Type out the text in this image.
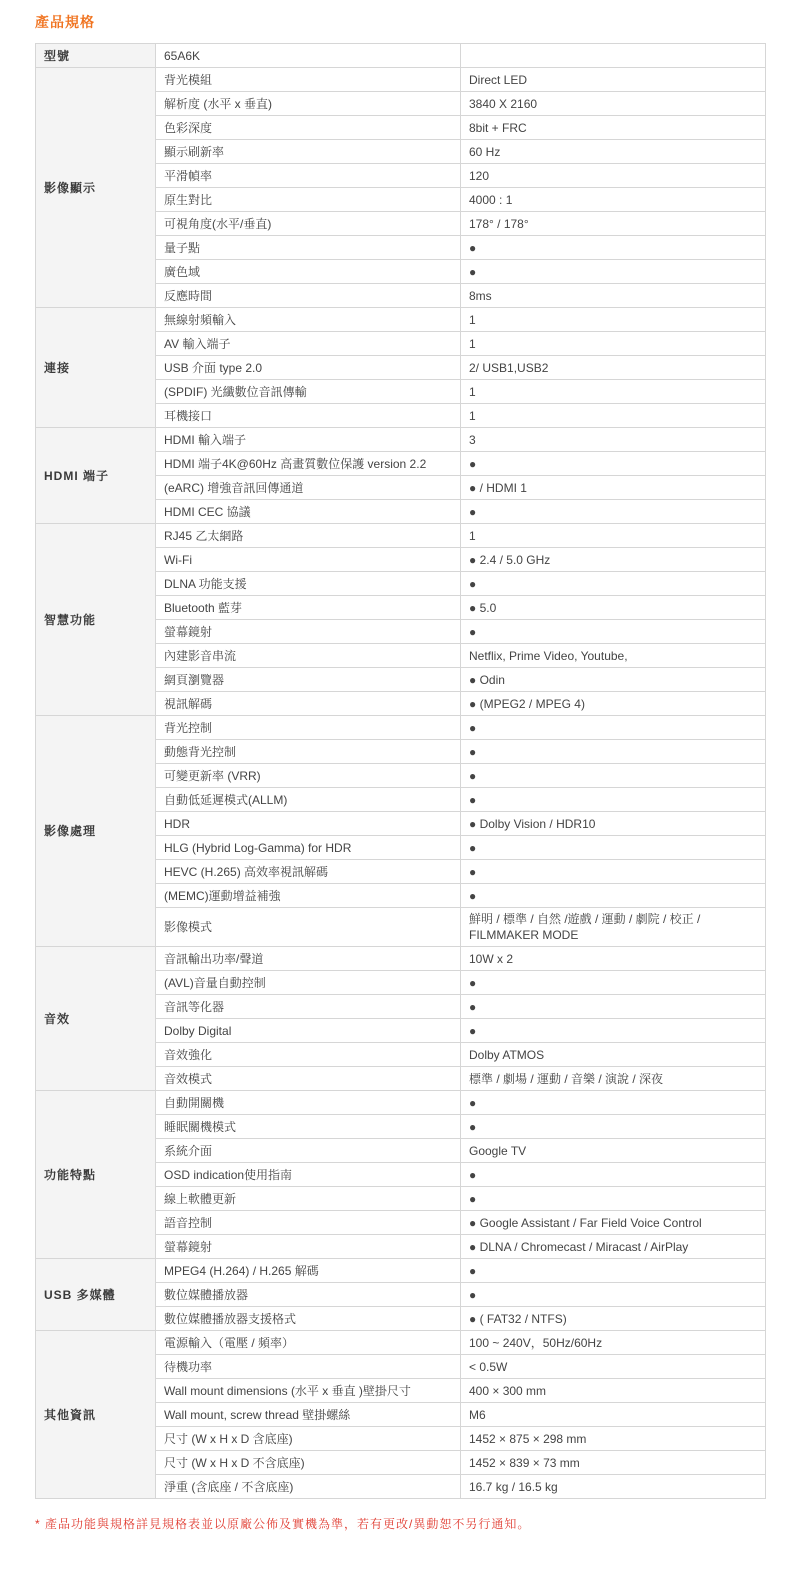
產品規格
型號	65A6K	
影像顯示	背光模組	Direct LED
	解析度 (水平 x 垂直)	3840 X 2160
	色彩深度	8bit + FRC
	顯示刷新率	60 Hz
	平滑幀率	120
	原生對比	4000 : 1
	可視角度(水平/垂直)	178° / 178°
	量子點	●
	廣色域	●
	反應時間	8ms
連接	無線射頻輸入	1
	AV 輸入端子	1
	USB 介面 type 2.0	2/ USB1,USB2
	(SPDIF) 光纖數位音訊傳輸	1
	耳機接口	1
HDMI 端子	HDMI 輸入端子	3
	HDMI 端子4K@60Hz 高畫質數位保護 version 2.2	●
	(eARC) 增強音訊回傳通道	● / HDMI 1
	HDMI CEC 協議	●
智慧功能	RJ45 乙太網路	1
	Wi-Fi	● 2.4 / 5.0 GHz
	DLNA 功能支援	●
	Bluetooth 藍芽	● 5.0
	螢幕鏡射	●
	內建影音串流	Netflix, Prime Video, Youtube,
	網頁瀏覽器	● Odin
	視訊解碼	● (MPEG2 / MPEG 4)
影像處理	背光控制	●
	動態背光控制	●
	可變更新率 (VRR)	●
	自動低延遲模式(ALLM)	●
	HDR	● Dolby Vision / HDR10
	HLG (Hybrid Log-Gamma) for HDR	●
	HEVC (H.265) 高效率視訊解碼	●
	(MEMC)運動增益補強	●
	影像模式	鮮明 / 標準 / 自然 /遊戲 / 運動 / 劇院 / 校正 / FILMMAKER MODE
音效	音訊輸出功率/聲道	10W x 2
	(AVL)音量自動控制	●
	音訊等化器	●
	Dolby Digital	●
	音效強化	Dolby ATMOS
	音效模式	標準 / 劇場 / 運動 / 音樂 / 演說 / 深夜
功能特點	自動開關機	●
	睡眠關機模式	●
	系統介面	Google TV
	OSD indication使用指南	●
	線上軟體更新	●
	語音控制	● Google Assistant / Far Field Voice Control
	螢幕鏡射	● DLNA / Chromecast / Miracast / AirPlay
USB 多媒體	MPEG4 (H.264) / H.265 解碼	●
	數位媒體播放器	●
	數位媒體播放器支援格式	● ( FAT32 / NTFS)
其他資訊	電源輸入（電壓 / 頻率）	100 ~ 240V，50Hz/60Hz
	待機功率	< 0.5W
	Wall mount dimensions (水平 x 垂直 )壁掛尺寸	400 × 300 mm
	Wall mount, screw thread 壁掛螺絲	M6
	尺寸 (W x H x D 含底座)	1452 × 875 × 298 mm
	尺寸 (W x H x D 不含底座)	1452 × 839 × 73 mm
	淨重 (含底座 / 不含底座)	16.7 kg / 16.5 kg

* 產品功能與規格詳見規格表並以原廠公佈及實機為準，若有更改/異動恕不另行通知。
